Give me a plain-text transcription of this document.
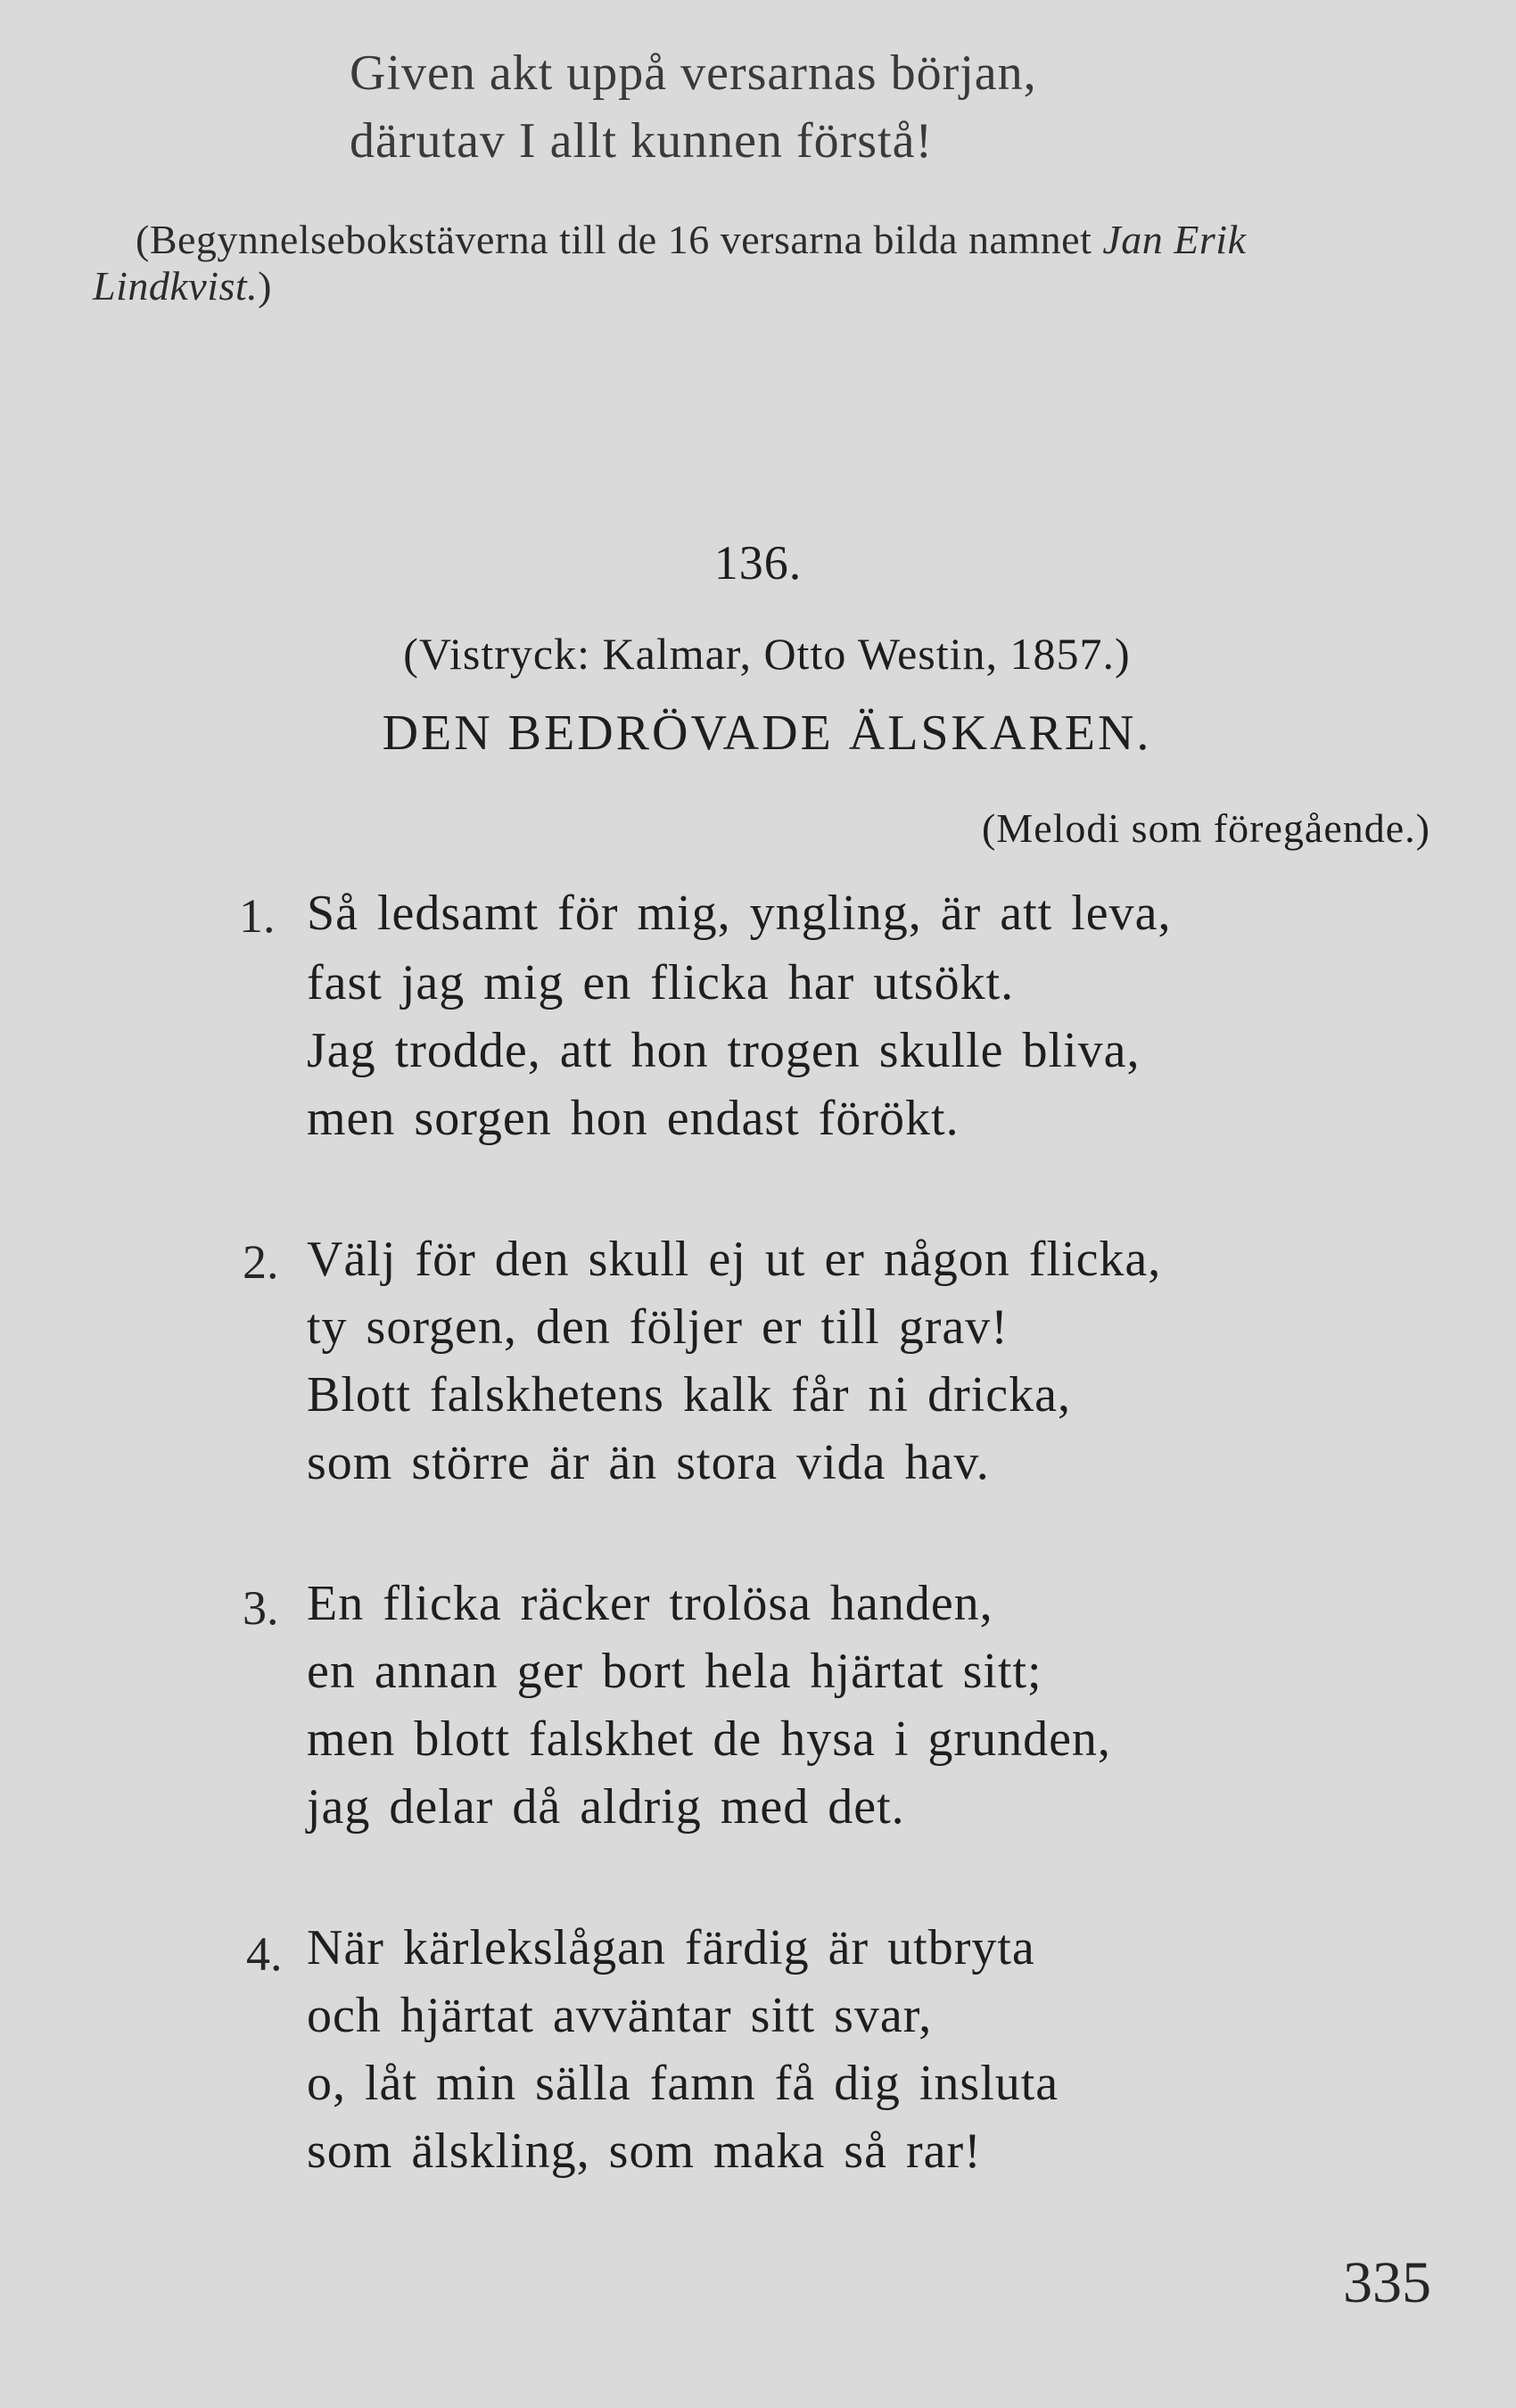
Given akt uppå versarnas början,
därutav I allt kunnen förstå!
(Begynnelsebokstäverna till de 16 versarna bilda namnet Jan Erik
Lindkvist.)
136.
(Vistryck: Kalmar, Otto Westin, 1857.)
DEN BEDRÖVADE ÄLSKAREN.
(Melodi som föregående.)
1. Så ledsamt för mig, yngling, är att leva,
fast jag mig en flicka har utsökt.
Jag trodde, att hon trogen skulle bliva,
men sorgen hon endast förökt.
2. Välj för den skull ej ut er någon flicka,
ty sorgen, den följer er till grav!
Blott falskhetens kalk får ni dricka,
som större är än stora vida hav.
3. En flicka räcker trolösa handen,
en annan ger bort hela hjärtat sitt;
men blott falskhet de hysa i grunden,
jag delar då aldrig med det.
4. När kärlekslågan färdig är utbryta
och hjärtat avväntar sitt svar,
o, låt min sälla famn få dig insluta
som älskling, som maka så rar!
335
